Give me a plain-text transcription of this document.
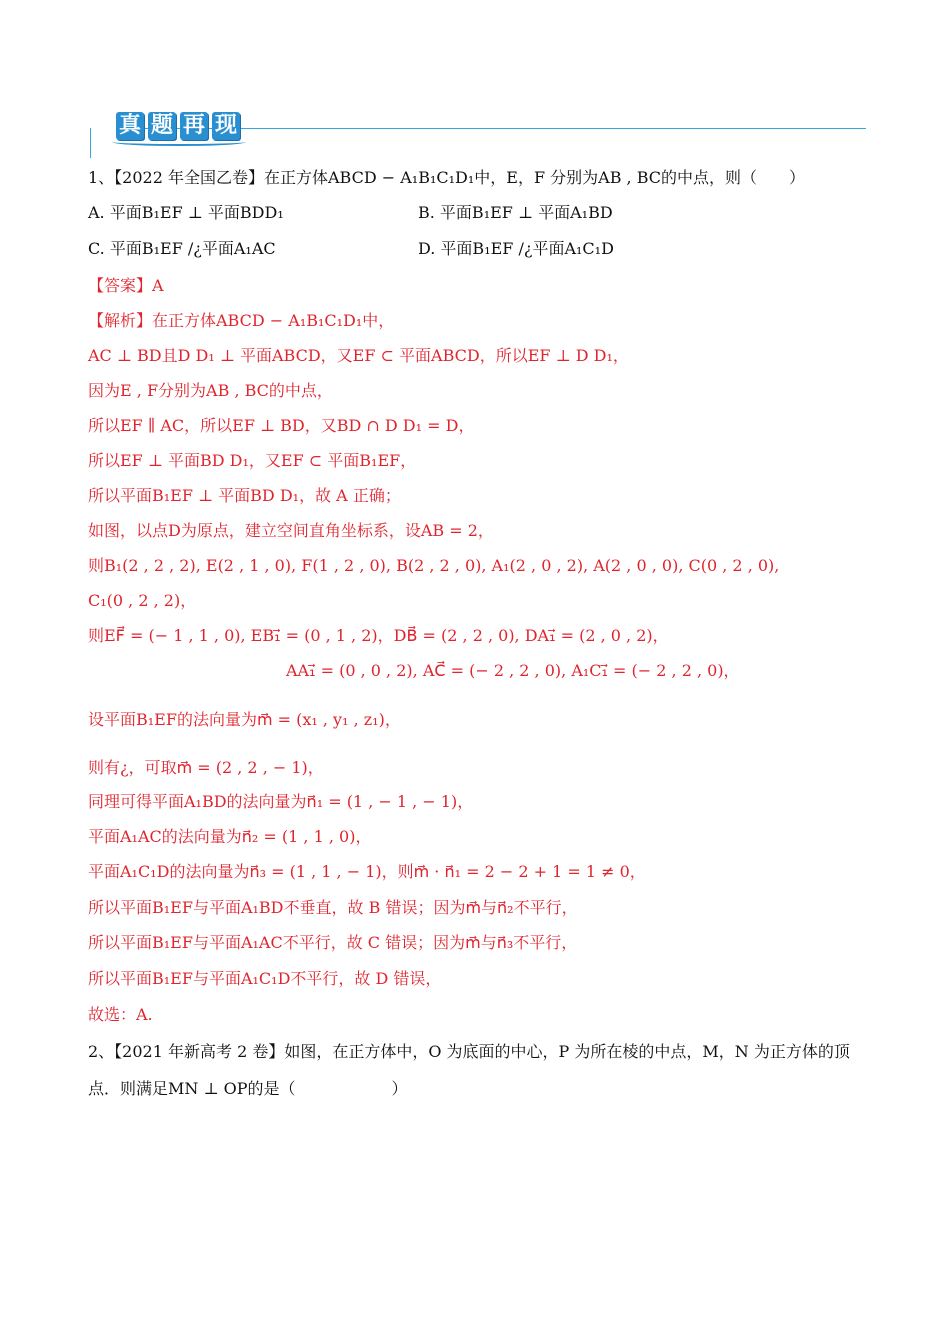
真 题 再 现
1、【2022 年全国乙卷】在正方体ABCD − A₁B₁C₁D₁中，E，F 分别为AB , BC的中点，则（　　）
A. 平面B₁EF ⊥ 平面BDD₁	B. 平面B₁EF ⊥ 平面A₁BD
C. 平面B₁EF /¿平面A₁AC	D. 平面B₁EF /¿平面A₁C₁D
【答案】A
【解析】在正方体ABCD − A₁B₁C₁D₁中，
AC ⊥ BD且D D₁ ⊥ 平面ABCD，又EF ⊂ 平面ABCD，所以EF ⊥ D D₁，
因为E , F分别为AB , BC的中点，
所以EF ∥ AC，所以EF ⊥ BD，又BD ∩ D D₁ = D，
所以EF ⊥ 平面BD D₁，又EF ⊂ 平面B₁EF，
所以平面B₁EF ⊥ 平面BD D₁，故 A 正确；
如图，以点D为原点，建立空间直角坐标系，设AB = 2，
则B₁(2 , 2 , 2), E(2 , 1 , 0), F(1 , 2 , 0), B(2 , 2 , 0), A₁(2 , 0 , 2), A(2 , 0 , 0), C(0 , 2 , 0),
C₁(0 , 2 , 2)，
则EF⃗ = (− 1 , 1 , 0), EB₁⃗ = (0 , 1 , 2)，DB⃗ = (2 , 2 , 0), DA₁⃗ = (2 , 0 , 2)，
AA₁⃗ = (0 , 0 , 2), AC⃗ = (− 2 , 2 , 0), A₁C₁⃗ = (− 2 , 2 , 0)，
设平面B₁EF的法向量为m⃗ = (x₁ , y₁ , z₁)，
则有¿，可取m⃗ = (2 , 2 , − 1)，
同理可得平面A₁BD的法向量为n⃗₁ = (1 , − 1 , − 1)，
平面A₁AC的法向量为n⃗₂ = (1 , 1 , 0)，
平面A₁C₁D的法向量为n⃗₃ = (1 , 1 , − 1)，则m⃗ · n⃗₁ = 2 − 2 + 1 = 1 ≠ 0，
所以平面B₁EF与平面A₁BD不垂直，故 B 错误；因为m⃗与n⃗₂不平行，
所以平面B₁EF与平面A₁AC不平行，故 C 错误；因为m⃗与n⃗₃不平行，
所以平面B₁EF与平面A₁C₁D不平行，故 D 错误，
故选：A.
2、【2021 年新高考 2 卷】如图，在正方体中，O 为底面的中心，P 为所在棱的中点，M，N 为正方体的顶
点．则满足MN ⊥ OP的是（　　　　　　）
